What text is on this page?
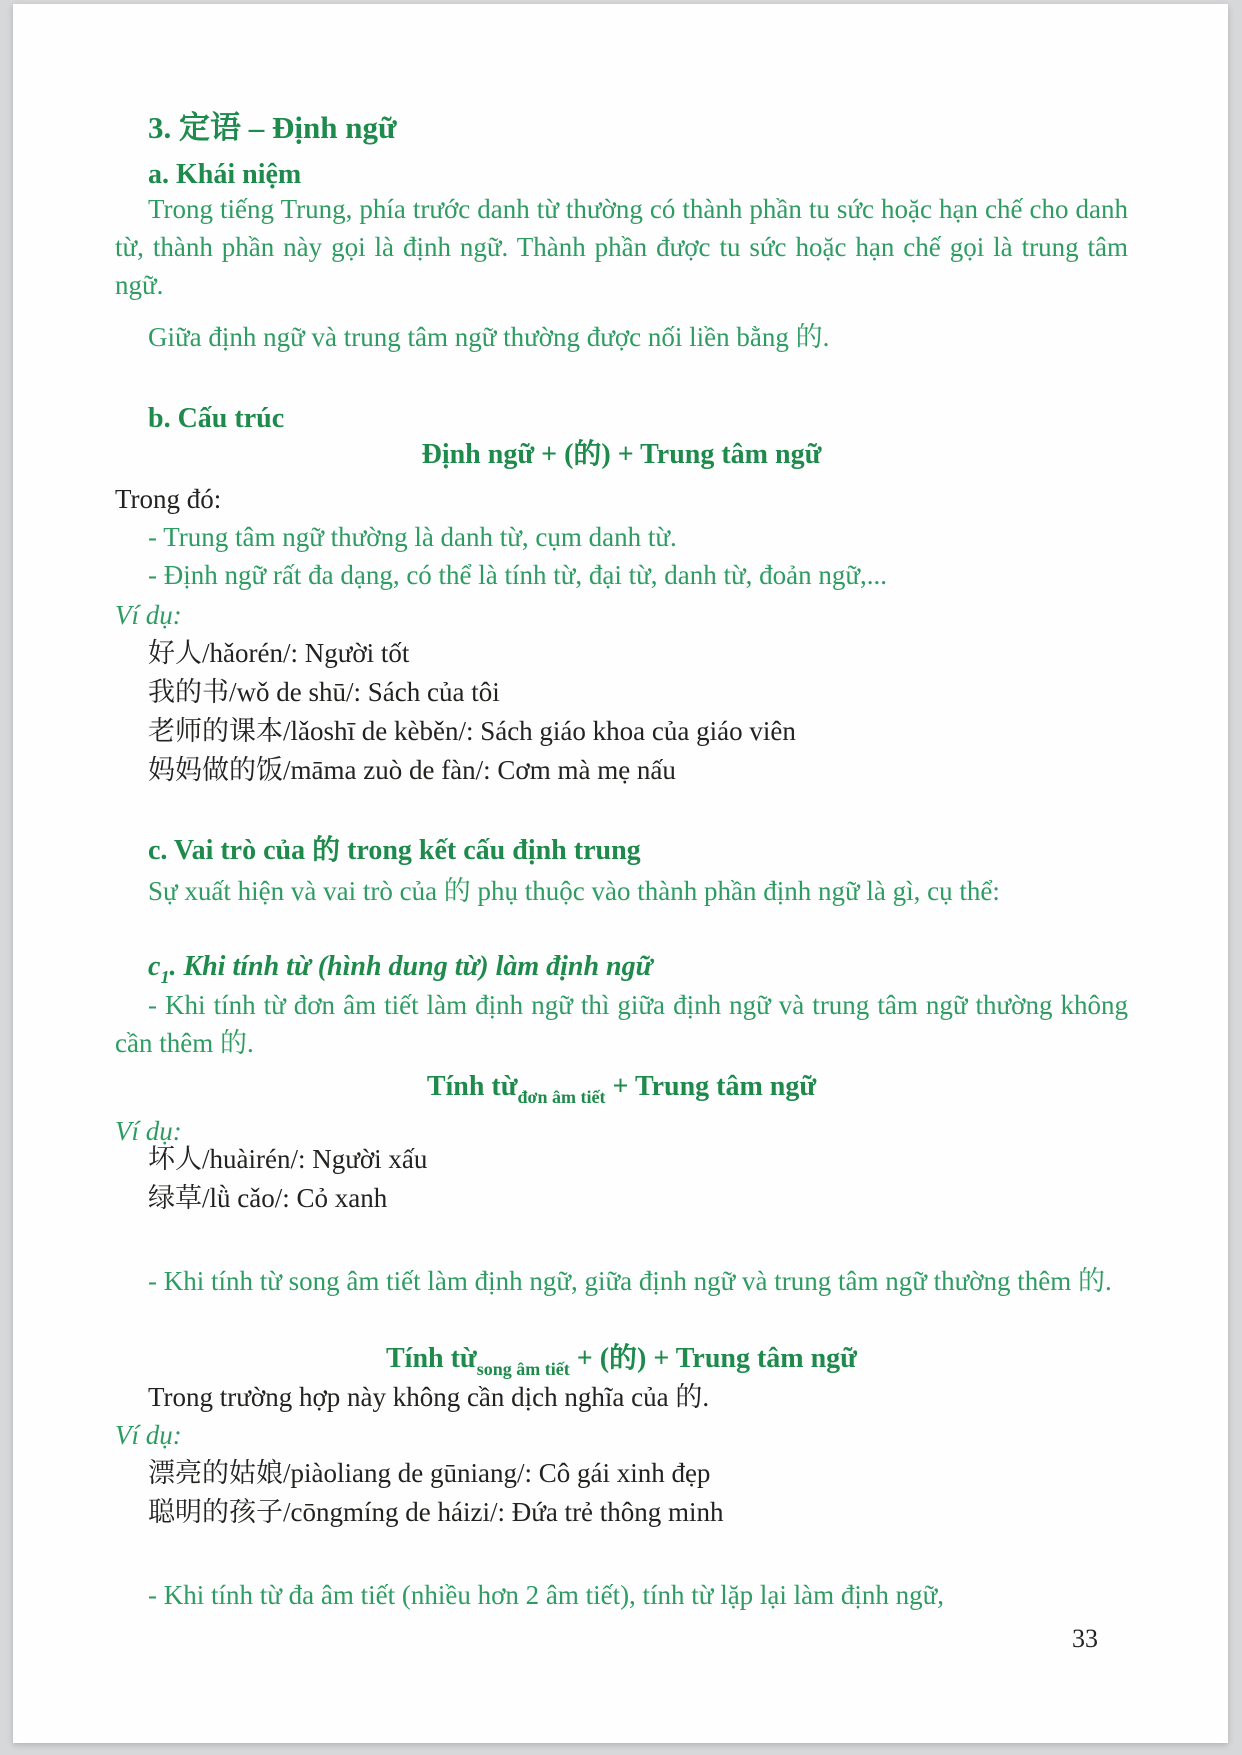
3. 定语 – Định ngữ
a. Khái niệm
Trong tiếng Trung, phía trước danh từ thường có thành phần tu sức hoặc hạn chế cho danh từ, thành phần này gọi là định ngữ. Thành phần được tu sức hoặc hạn chế gọi là trung tâm ngữ.
Giữa định ngữ và trung tâm ngữ thường được nối liền bằng 的.
b. Cấu trúc
Định ngữ + (的) + Trung tâm ngữ
Trong đó:
- Trung tâm ngữ thường là danh từ, cụm danh từ.
- Định ngữ rất đa dạng, có thể là tính từ, đại từ, danh từ, đoản ngữ,...
Ví dụ:
好人/hǎorén/: Người tốt
我的书/wǒ de shū/: Sách của tôi
老师的课本/lǎoshī de kèběn/: Sách giáo khoa của giáo viên
妈妈做的饭/māma zuò de fàn/: Cơm mà mẹ nấu
c. Vai trò của 的 trong kết cấu định trung
Sự xuất hiện và vai trò của 的 phụ thuộc vào thành phần định ngữ là gì, cụ thể:
$c_1$. Khi tính từ (hình dung từ) làm định ngữ
- Khi tính từ đơn âm tiết làm định ngữ thì giữa định ngữ và trung tâm ngữ thường không cần thêm 的.
Tính từ$_{đơn âm tiết}$ + Trung tâm ngữ
Ví dụ:
坏人/huàirén/: Người xấu
绿草/lǜ cǎo/: Cỏ xanh
- Khi tính từ song âm tiết làm định ngữ, giữa định ngữ và trung tâm ngữ thường thêm 的.
Tính từ$_{song âm tiết}$ + (的) + Trung tâm ngữ
Trong trường hợp này không cần dịch nghĩa của 的.
Ví dụ:
漂亮的姑娘/piàoliang de gūniang/: Cô gái xinh đẹp
聪明的孩子/cōngmíng de háizi/: Đứa trẻ thông minh
- Khi tính từ đa âm tiết (nhiều hơn 2 âm tiết), tính từ lặp lại làm định ngữ,
33
